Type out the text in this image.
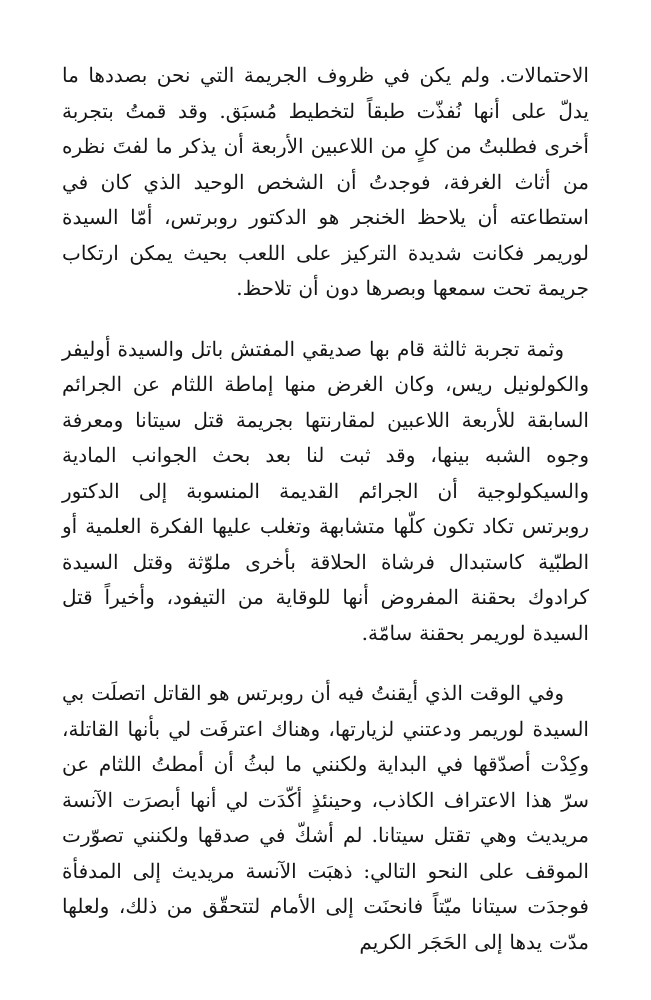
الاحتمالات. ولم يكن في ظروف الجريمة التي نحن بصددها ما يدلّ على أنها نُفذّت طبقاً لتخطيط مُسبَق. وقد قمتُ بتجربة أخرى فطلبتُ من كلٍ من اللاعبين الأربعة أن يذكر ما لفتَ نظره من أثاث الغرفة، فوجدتُ أن الشخص الوحيد الذي كان في استطاعته أن يلاحظ الخنجر هو الدكتور روبرتس، أمّا السيدة لوريمر فكانت شديدة التركيز على اللعب بحيث يمكن ارتكاب جريمة تحت سمعها وبصرها دون أن تلاحظ.

وثمة تجربة ثالثة قام بها صديقي المفتش باتل والسيدة أوليفر والكولونيل ريس، وكان الغرض منها إماطة اللثام عن الجرائم السابقة للأربعة اللاعبين لمقارنتها بجريمة قتل سيتانا ومعرفة وجوه الشبه بينها، وقد ثبت لنا بعد بحث الجوانب المادية والسيكولوجية أن الجرائم القديمة المنسوبة إلى الدكتور روبرتس تكاد تكون كلّها متشابهة وتغلب عليها الفكرة العلمية أو الطبّية كاستبدال فرشاة الحلاقة بأخرى ملوّثة وقتل السيدة كرادوك بحقنة المفروض أنها للوقاية من التيفود، وأخيراً قتل السيدة لوريمر بحقنة سامّة.

وفي الوقت الذي أيقنتُ فيه أن روبرتس هو القاتل اتصلَت بي السيدة لوريمر ودعتني لزيارتها، وهناك اعترفَت لي بأنها القاتلة، وكِدْت أصدّقها في البداية ولكنني ما لبثُ أن أمطتُ اللثام عن سرّ هذا الاعتراف الكاذب، وحينئذٍ أكّدَت لي أنها أبصرَت الآنسة مريديث وهي تقتل سيتانا. لم أشكّ في صدقها ولكنني تصوّرت الموقف على النحو التالي: ذهبَت الآنسة مريديث إلى المدفأة فوجدَت سيتانا ميّتاً فانحنَت إلى الأمام لتتحقّق من ذلك، ولعلها مدّت يدها إلى الحَجَر الكريم
